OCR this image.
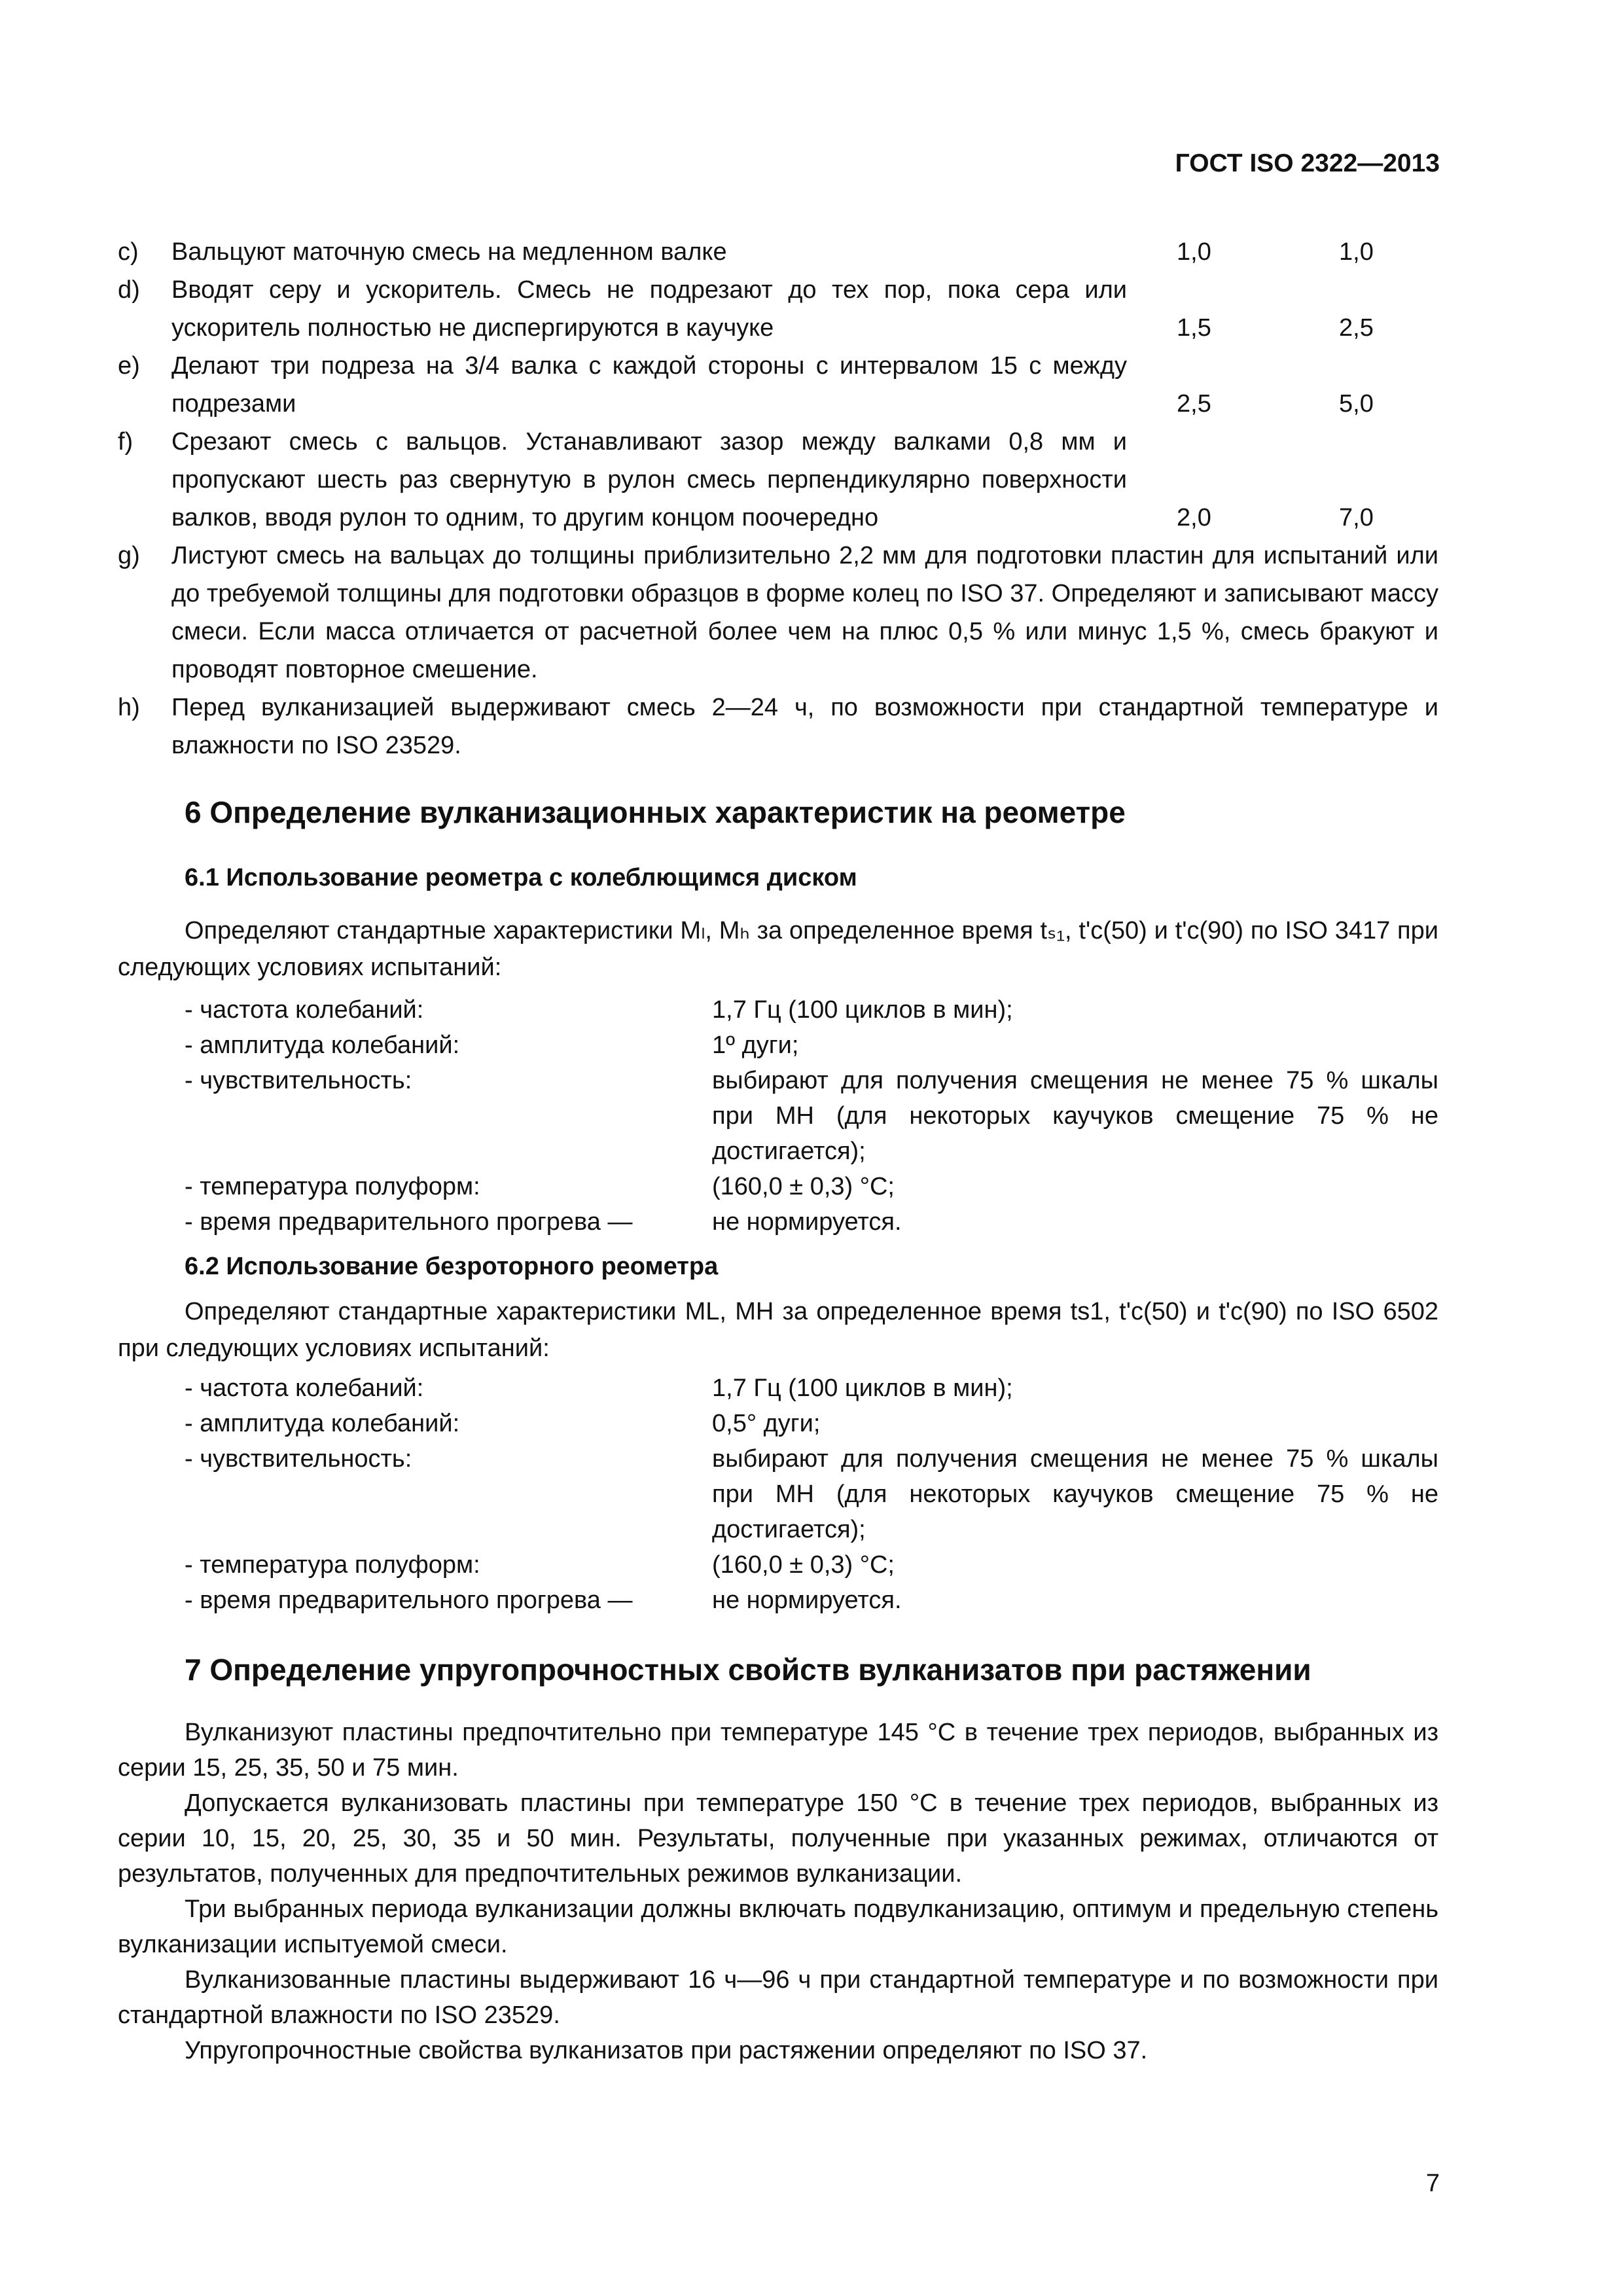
ГОСТ ISO 2322—2013
c) Вальцуют маточную смесь на медленном валке	1,0	1,0
d) Вводят серу и ускоритель. Смесь не подрезают до тех пор, пока сера или ускоритель полностью не диспергируются в каучуке	1,5	2,5
e) Делают три подреза на 3/4 валка с каждой стороны с интервалом 15 с между подрезами	2,5	5,0
f) Срезают смесь с вальцов. Устанавливают зазор между валками 0,8 мм и пропускают шесть раз свернутую в рулон смесь перпендикулярно поверхности валков, вводя рулон то одним, то другим концом поочередно	2,0	7,0
g) Листуют смесь на вальцах до толщины приблизительно 2,2 мм для подготовки пластин для испытаний или до требуемой толщины для подготовки образцов в форме колец по ISO 37. Определяют и записывают массу смеси. Если масса отличается от расчетной более чем на плюс 0,5 % или минус 1,5 %, смесь бракуют и проводят повторное смешение.
h) Перед вулканизацией выдерживают смесь 2—24 ч, по возможности при стандартной температуре и влажности по ISO 23529.
6 Определение вулканизационных характеристик на реометре
6.1 Использование реометра с колеблющимся диском
Определяют стандартные характеристики Mₗ, Mₕ за определенное время tₛ₁, t'c(50) и t'c(90) по ISO 3417 при следующих условиях испытаний:
- частота колебаний:	1,7 Гц (100 циклов в мин);
- амплитуда колебаний:	1º дуги;
- чувствительность:	выбирают для получения смещения не менее 75 % шкалы при MH (для некоторых каучуков смещение 75 % не достигается);
- температура полуформ:	(160,0 ± 0,3) °С;
- время предварительного прогрева —	не нормируется.
6.2 Использование безроторного реометра
Определяют стандартные характеристики ML, MH за определенное время ts1, t'c(50) и t'c(90) по ISO 6502 при следующих условиях испытаний:
- частота колебаний:	1,7 Гц (100 циклов в мин);
- амплитуда колебаний:	0,5° дуги;
- чувствительность:	выбирают для получения смещения не менее 75 % шкалы при MH (для некоторых каучуков смещение 75 % не достигается);
- температура полуформ:	(160,0 ± 0,3) °С;
- время предварительного прогрева —	не нормируется.
7 Определение упругопрочностных свойств вулканизатов при растяжении

Вулканизуют пластины предпочтительно при температуре 145 °С в течение трех периодов, выбранных из серии 15, 25, 35, 50 и 75 мин.

Допускается вулканизовать пластины при температуре 150 °С в течение трех периодов, выбранных из серии 10, 15, 20, 25, 30, 35 и 50 мин. Результаты, полученные при указанных режимах, отличаются от результатов, полученных для предпочтительных режимов вулканизации.

Три выбранных периода вулканизации должны включать подвулканизацию, оптимум и предельную степень вулканизации испытуемой смеси.

Вулканизованные пластины выдерживают 16 ч—96 ч при стандартной температуре и по возможности при стандартной влажности по ISO 23529.

Упругопрочностные свойства вулканизатов при растяжении определяют по ISO 37.

7
